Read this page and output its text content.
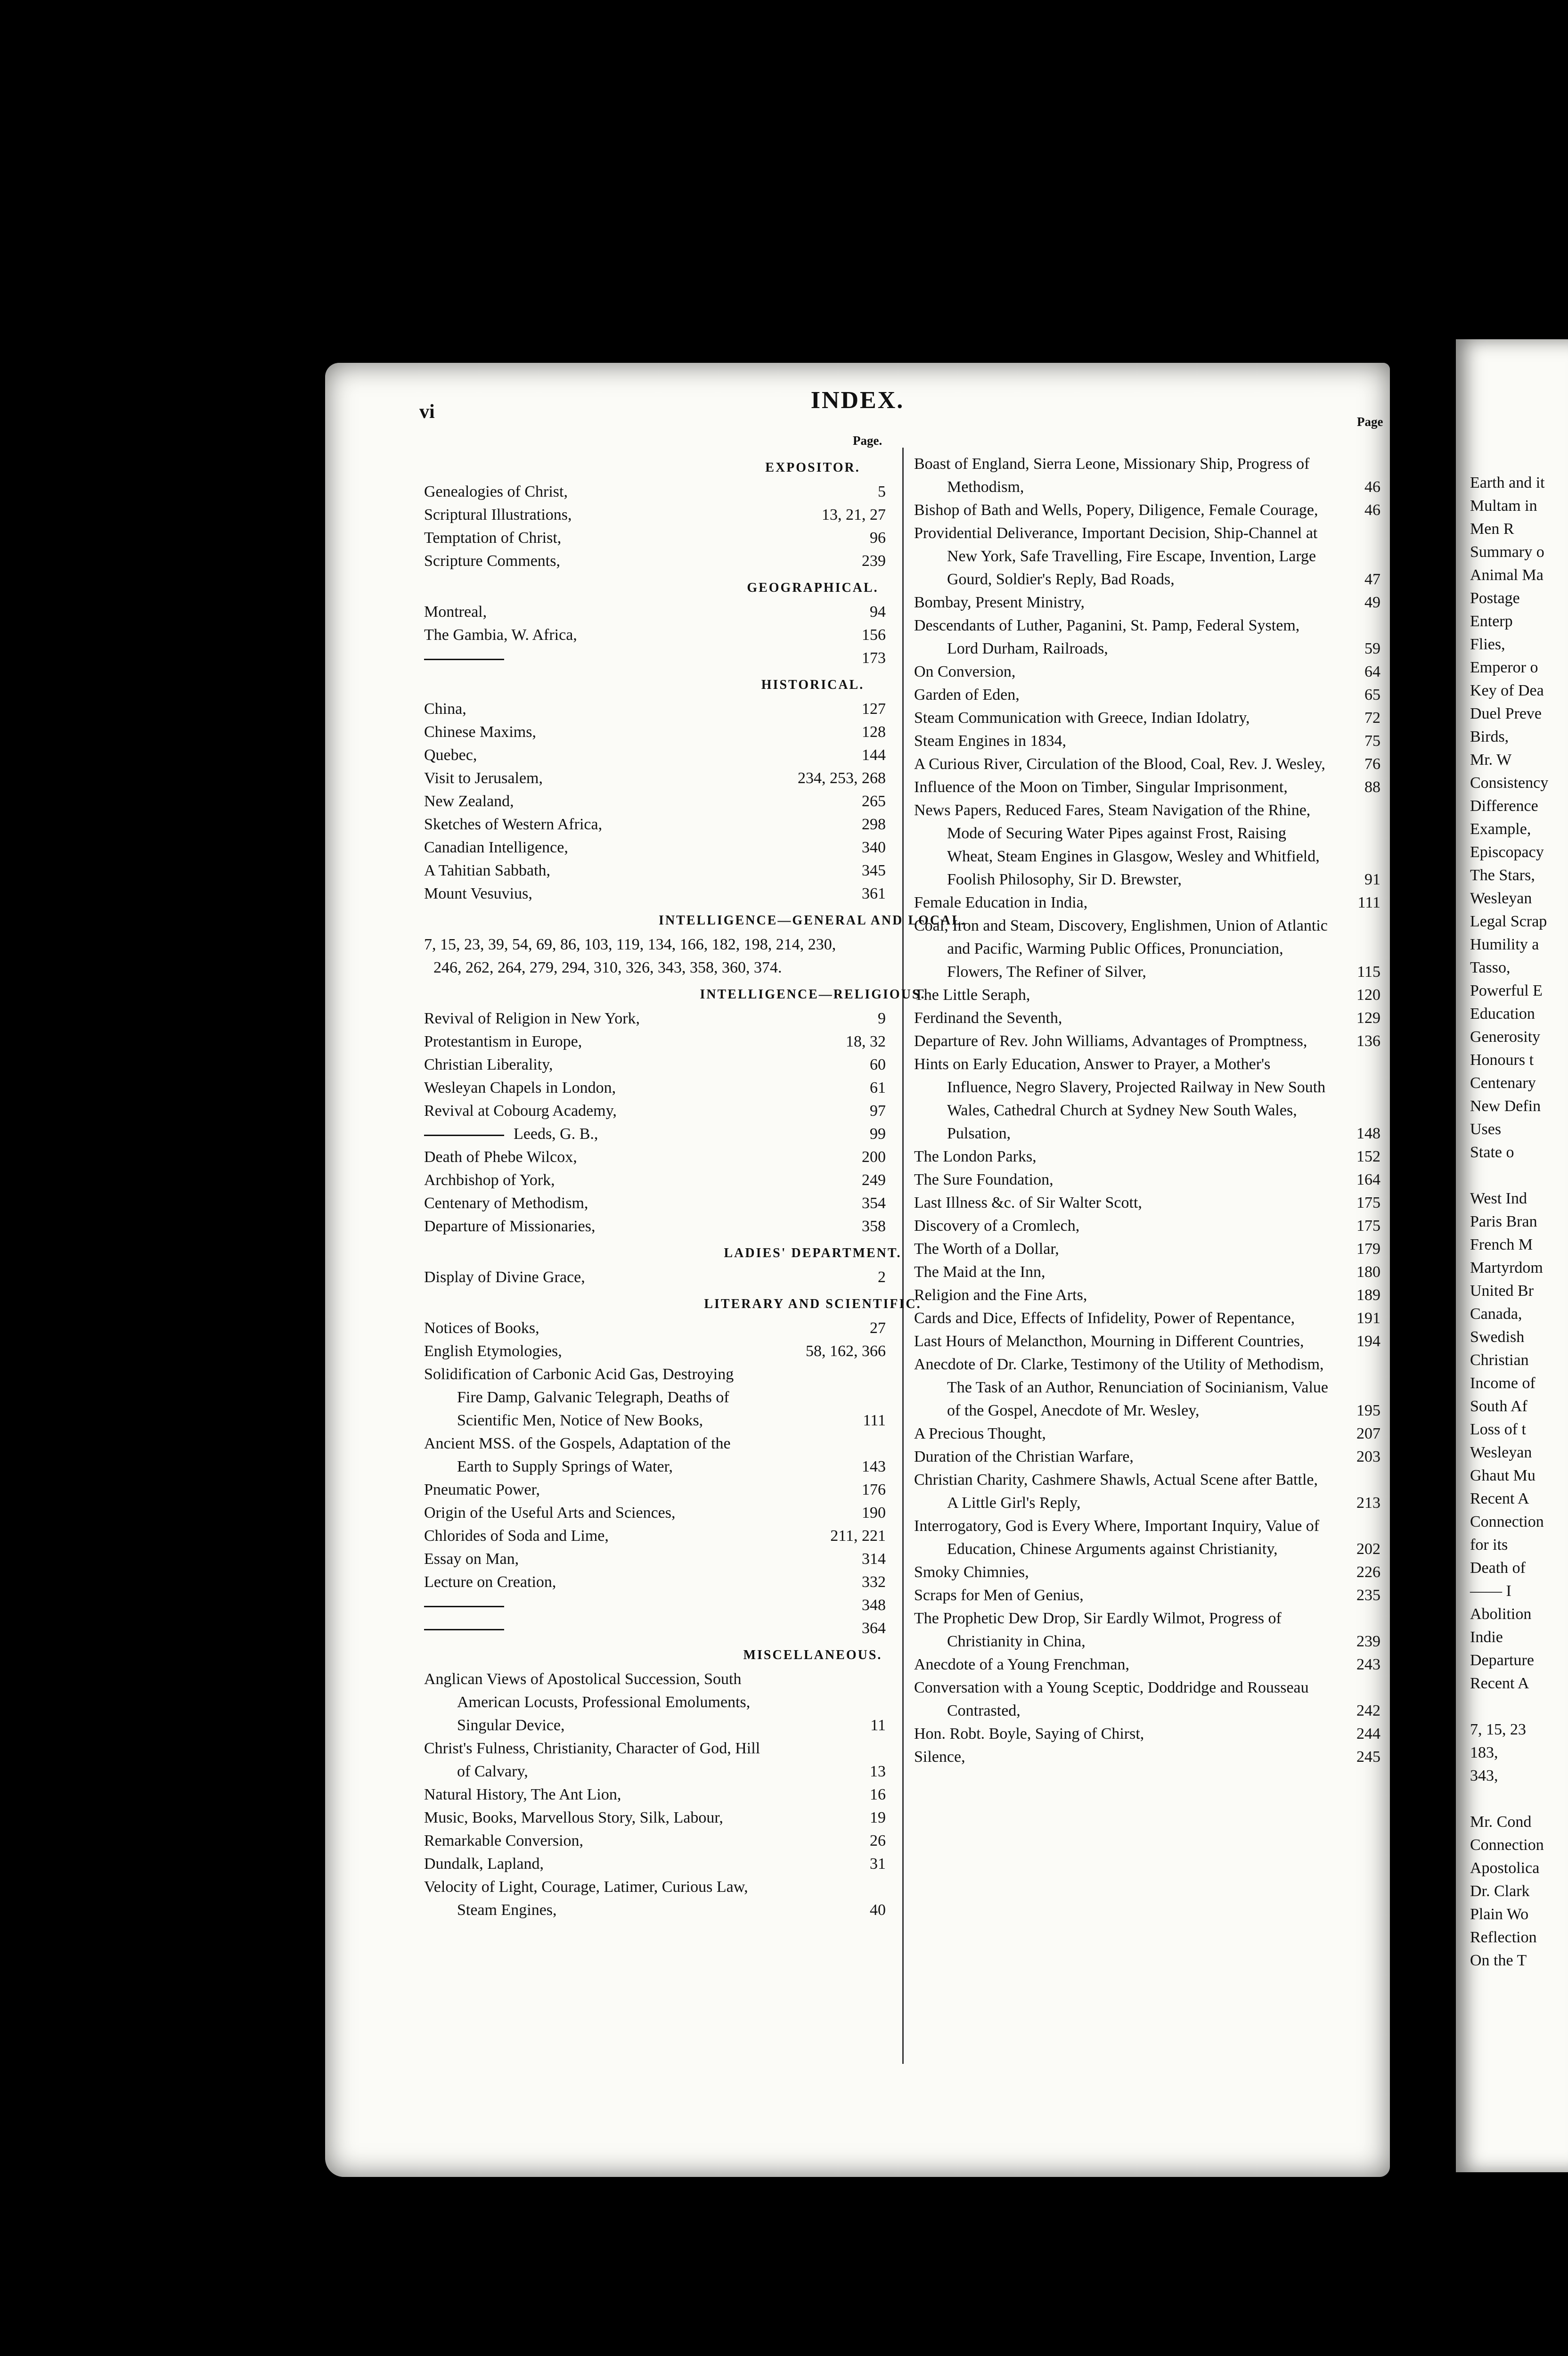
vi	INDEX.
Page.
Page
EXPOSITOR.
Genealogies of Christ,	5
Scriptural Illustrations,	13, 21, 27
Temptation of Christ,	96
Scripture Comments,	239
GEOGRAPHICAL.
Montreal,	94
The Gambia, W. Africa,	156
173
HISTORICAL.
China,	127
Chinese Maxims,	128
Quebec,	144
Visit to Jerusalem,	234, 253, 268
New Zealand,	265
Sketches of Western Africa,	298
Canadian Intelligence,	340
A Tahitian Sabbath,	345
Mount Vesuvius,	361
INTELLIGENCE—GENERAL AND LOCAL.
7, 15, 23, 39, 54, 69, 86, 103, 119, 134, 166, 182, 198, 214, 230, 246, 262, 264, 279, 294, 310, 326, 343, 358, 360, 374.
INTELLIGENCE—RELIGIOUS.
Revival of Religion in New York,	9
Protestantism in Europe,	18, 32
Christian Liberality,	60
Wesleyan Chapels in London,	61
Revival at Cobourg Academy,	97
Leeds, G. B.,	99
Death of Phebe Wilcox,	200
Archbishop of York,	249
Centenary of Methodism,	354
Departure of Missionaries,	358
LADIES' DEPARTMENT.
Display of Divine Grace,	2
LITERARY AND SCIENTIFIC.
Notices of Books,	27
English Etymologies,	58, 162, 366
Solidification of Carbonic Acid Gas, Destroying Fire Damp, Galvanic Telegraph, Deaths of Scientific Men, Notice of New Books,	111
Ancient MSS. of the Gospels, Adaptation of the Earth to Supply Springs of Water,	143
Pneumatic Power,	176
Origin of the Useful Arts and Sciences,	190
Chlorides of Soda and Lime,	211, 221
Essay on Man,	314
Lecture on Creation,	332
348
364
MISCELLANEOUS.
Anglican Views of Apostolical Succession, South American Locusts, Professional Emoluments, Singular Device,	11
Christ's Fulness, Christianity, Character of God, Hill of Calvary,	13
Natural History, The Ant Lion,	16
Music, Books, Marvellous Story, Silk, Labour,	19
Remarkable Conversion,	26
Dundalk, Lapland,	31
Velocity of Light, Courage, Latimer, Curious Law, Steam Engines,	40
Boast of England, Sierra Leone, Missionary Ship, Progress of Methodism,	46
Bishop of Bath and Wells, Popery, Diligence, Female Courage,	46
Providential Deliverance, Important Decision, Ship-Channel at New York, Safe Travelling, Fire Escape, Invention, Large Gourd, Soldier's Reply, Bad Roads,	47
Bombay, Present Ministry,	49
Descendants of Luther, Paganini, St. Pamp, Federal System, Lord Durham, Railroads,	59
On Conversion,	64
Garden of Eden,	65
Steam Communication with Greece, Indian Idolatry,	72
Steam Engines in 1834,	75
A Curious River, Circulation of the Blood, Coal, Rev. J. Wesley, 76
Influence of the Moon on Timber, Singular Imprisonment,	88
News Papers, Reduced Fares, Steam Navigation of the Rhine, Mode of Securing Water Pipes against Frost, Raising Wheat, Steam Engines in Glasgow, Wesley and Whitfield, Foolish Philosophy, Sir D. Brewster,	91
Female Education in India,	111
Coal, Iron and Steam, Discovery, Englishmen, Union of Atlantic and Pacific, Warming Public Offices, Pronunciation, Flowers, The Refiner of Silver,	115
The Little Seraph,	120
Ferdinand the Seventh,	129
Departure of Rev. John Williams, Advantages of Promptness,	136
Hints on Early Education, Answer to Prayer, a Mother's Influence, Negro Slavery, Projected Railway in New South Wales, Cathedral Church at Sydney New South Wales, Pulsation,	148
The London Parks,	152
The Sure Foundation,	164
Last Illness &c. of Sir Walter Scott,	175
Discovery of a Cromlech,	175
The Worth of a Dollar,	179
The Maid at the Inn,	180
Religion and the Fine Arts,	189
Cards and Dice, Effects of Infidelity, Power of Repentance,	191
Last Hours of Melancthon, Mourning in Different Countries,	194
Anecdote of Dr. Clarke, Testimony of the Utility of Methodism, The Task of an Author, Renunciation of Socinianism, Value of the Gospel, Anecdote of Mr. Wesley,	195
A Precious Thought,	207
Duration of the Christian Warfare,	203
Christian Charity, Cashmere Shawls, Actual Scene after Battle, A Little Girl's Reply,	213
Interrogatory, God is Every Where, Important Inquiry, Value of Education, Chinese Arguments against Christianity,	202
Smoky Chimnies,	226
Scraps for Men of Genius,	235
The Prophetic Dew Drop, Sir Eardly Wilmot, Progress of Christianity in China,	239
Anecdote of a Young Frenchman,	243
Conversation with a Young Sceptic, Doddridge and Rousseau Contrasted,	242
Hon. Robt. Boyle, Saying of Chirst,	244
Silence,	245
Earth and it
Multam in
Men R
Summary o
Animal Ma
Postage
Enterp
Flies,
Emperor o
Key of Dea
Duel Preve
Birds,
Mr. W
Consistency
Difference
Example,
Episcopacy
The Stars,
Wesleyan
Legal Scrap
Humility a
Tasso,
Powerful E
Education
Generosity
Honours t
Centenary
New Defin
Uses
State o

West Ind
Paris Bran
French M
Martyrdom
United Br
Canada,
Swedish
Christian
Income of
South Af
Loss of t
Wesleyan
Ghaut Mu
Recent A
Connection
for its
Death of
—— I
Abolition
Indie
Departure
Recent A

7, 15, 23
183,
343,

Mr. Cond
Connection
Apostolica
Dr. Clark
Plain Wo
Reflection
On the T
